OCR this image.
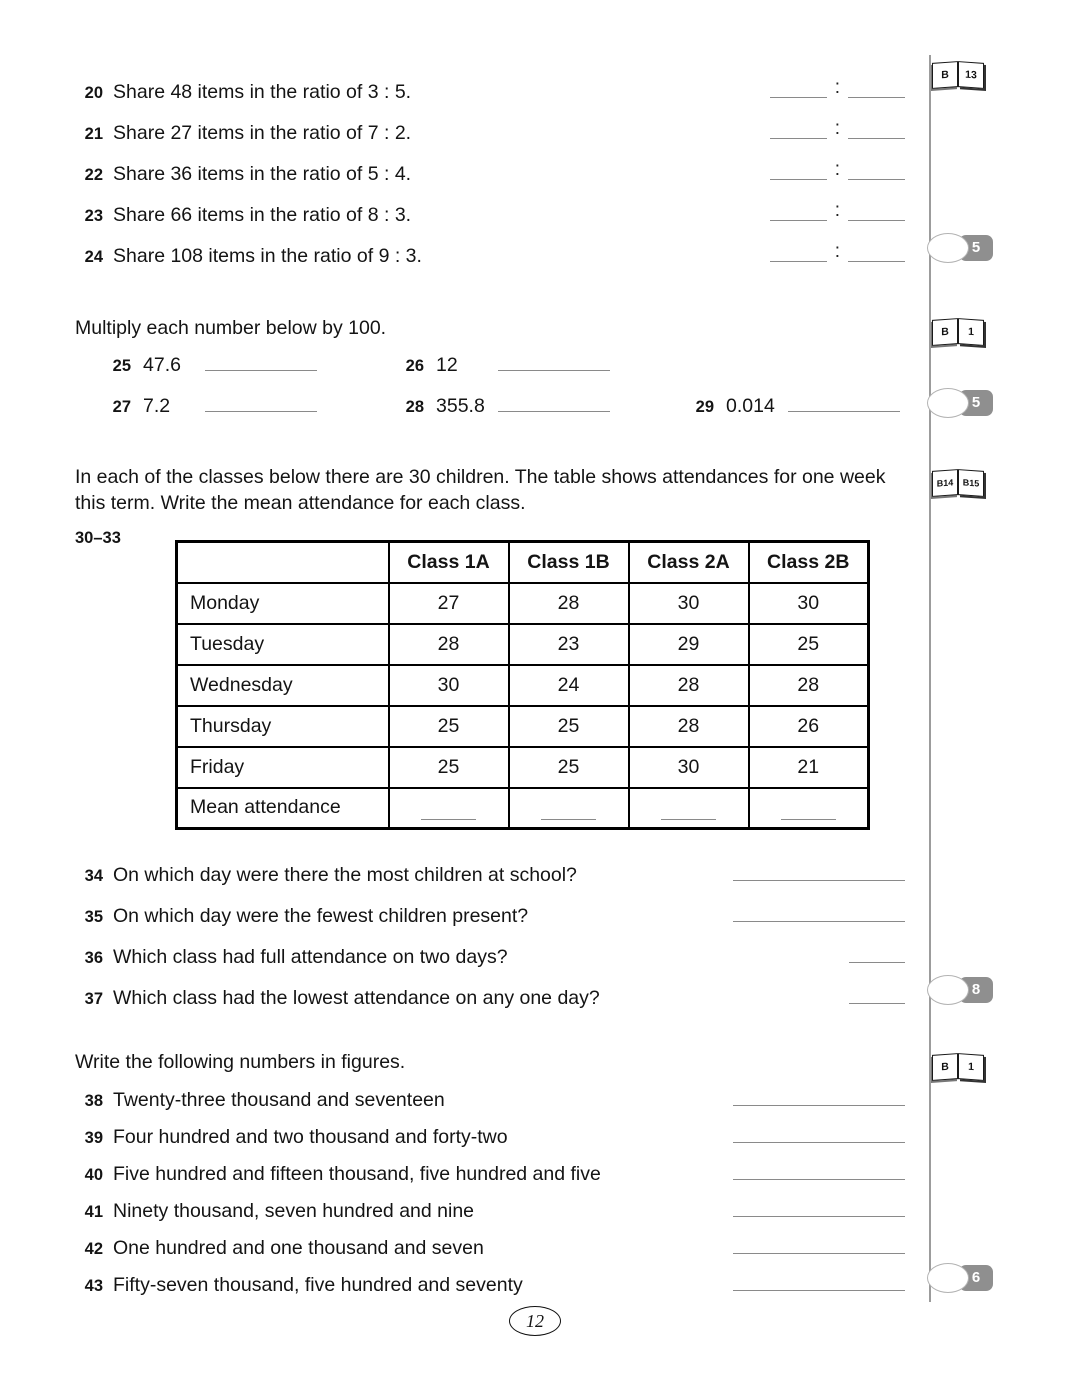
20 Share 48 items in the ratio of 3 : 5.	:
21 Share 27 items in the ratio of 7 : 2.	:
22 Share 36 items in the ratio of 5 : 4.	:
23 Share 66 items in the ratio of 8 : 3.	:
24 Share 108 items in the ratio of 9 : 3.	:
Multiply each number below by 100.
25 47.6	26 12
27 7.2	28 355.8	29 0.014
In each of the classes below there are 30 children. The table shows attendances for one week this term. Write the mean attendance for each class.
30–33
	Class 1A	Class 1B	Class 2A	Class 2B
Monday	27	28	30	30
Tuesday	28	23	29	25
Wednesday	30	24	28	28
Thursday	25	25	28	26
Friday	25	25	30	21
Mean attendance	

34 On which day were there the most children at school?
35 On which day were the fewest children present?
36 Which class had full attendance on two days?
37 Which class had the lowest attendance on any one day?
Write the following numbers in figures.
38 Twenty-three thousand and seventeen
39 Four hundred and two thousand and forty-two
40 Five hundred and fifteen thousand, five hundred and five
41 Ninety thousand, seven hundred and nine
42 One hundred and one thousand and seven
43 Fifty-seven thousand, five hundred and seventy
12
B	13
5
B	1
5
B14	B15
8
B	1
6
